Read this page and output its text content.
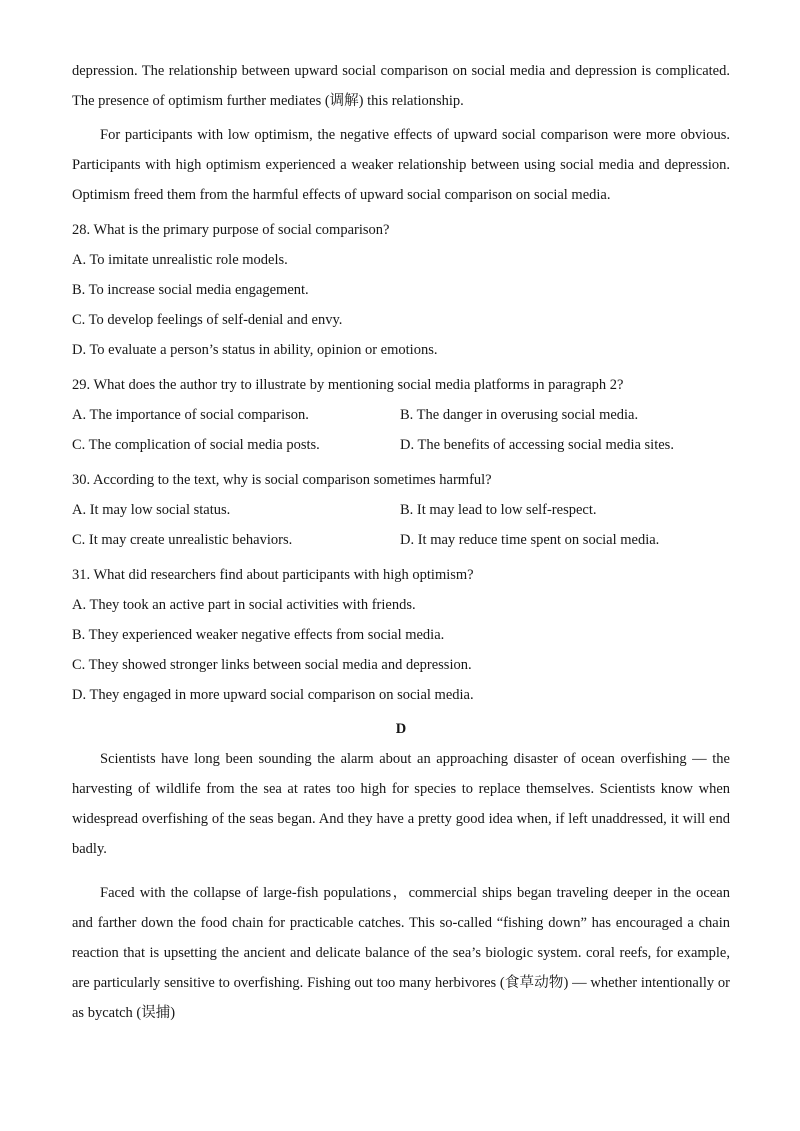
depression. The relationship between upward social comparison on social media and depression is complicated. The presence of optimism further mediates (调解) this relationship.

For participants with low optimism, the negative effects of upward social comparison were more obvious. Participants with high optimism experienced a weaker relationship between using social media and depression. Optimism freed them from the harmful effects of upward social comparison on social media.

28. What is the primary purpose of social comparison?
A. To imitate unrealistic role models.
B. To increase social media engagement.
C. To develop feelings of self-denial and envy.
D. To evaluate a person’s status in ability, opinion or emotions.
29. What does the author try to illustrate by mentioning social media platforms in paragraph 2?
A. The importance of social comparison.	B. The danger in overusing social media.
C. The complication of social media posts.	D. The benefits of accessing social media sites.
30. According to the text, why is social comparison sometimes harmful?
A. It may low social status.	B. It may lead to low self-respect.
C. It may create unrealistic behaviors.	D. It may reduce time spent on social media.
31. What did researchers find about participants with high optimism?
A. They took an active part in social activities with friends.
B. They experienced weaker negative effects from social media.
C. They showed stronger links between social media and depression.
D. They engaged in more upward social comparison on social media.
D

Scientists have long been sounding the alarm about an approaching disaster of ocean overfishing — the harvesting of wildlife from the sea at rates too high for species to replace themselves. Scientists know when widespread overfishing of the seas began. And they have a pretty good idea when, if left unaddressed, it will end badly.

Faced with the collapse of large-fish populations，commercial ships began traveling deeper in the ocean and farther down the food chain for practicable catches. This so-called “fishing down” has encouraged a chain reaction that is upsetting the ancient and delicate balance of the sea’s biologic system. coral reefs, for example, are particularly sensitive to overfishing. Fishing out too many herbivores (食草动物) — whether intentionally or as bycatch (误捕)
